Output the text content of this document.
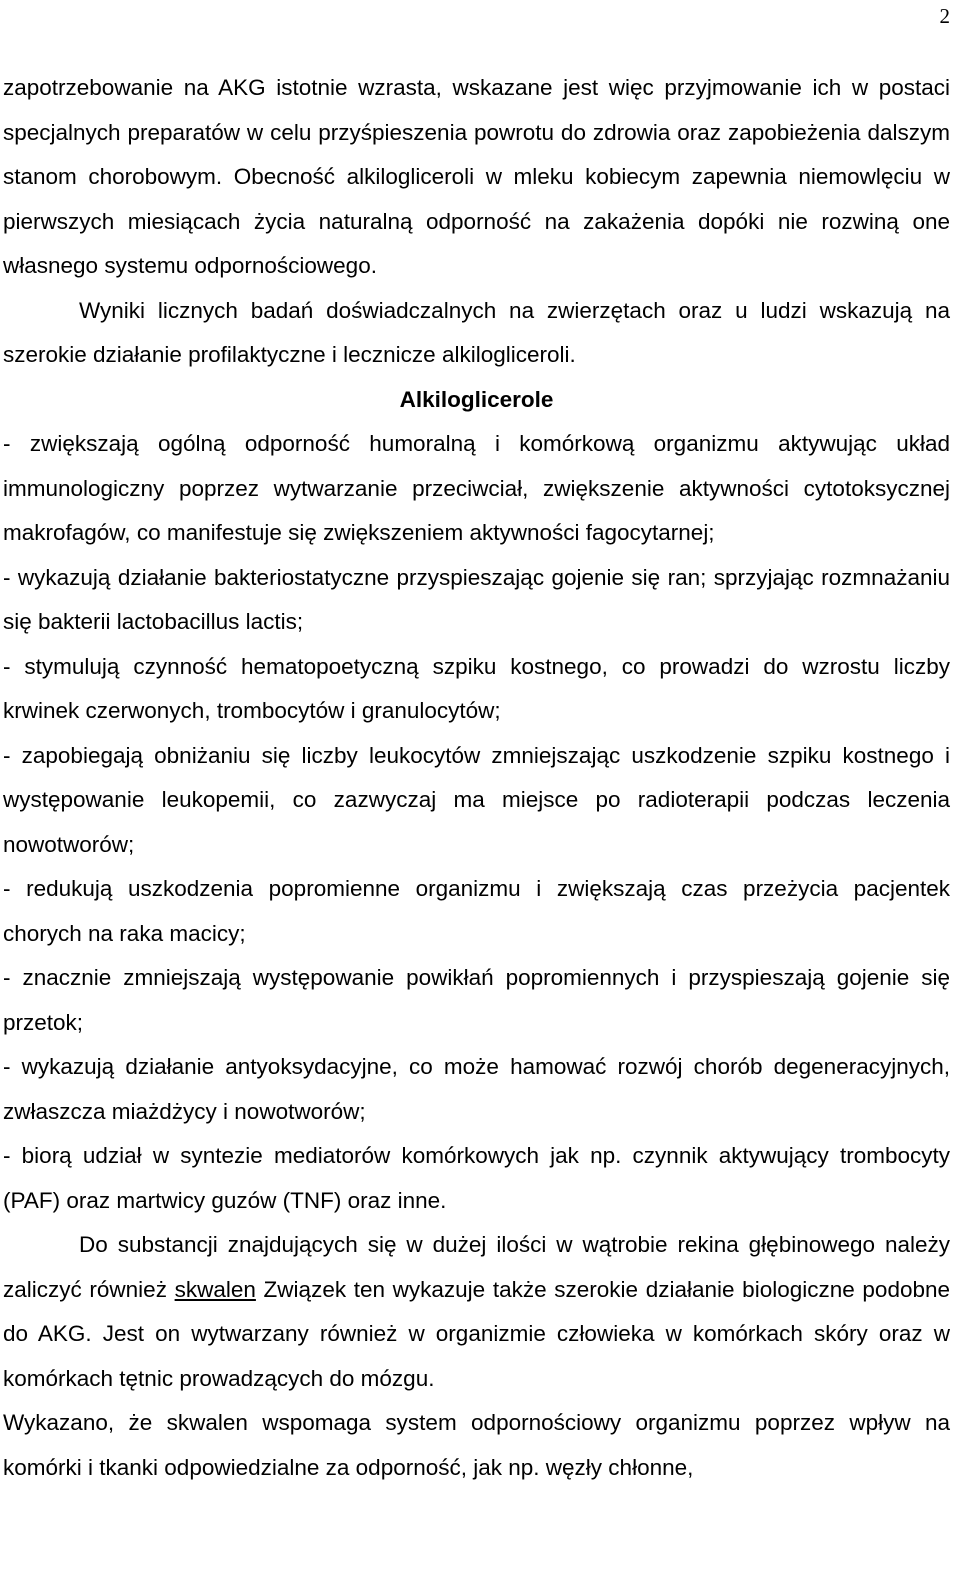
2

zapotrzebowanie na AKG istotnie wzrasta, wskazane jest więc przyjmowanie ich w postaci specjalnych preparatów w celu przyśpieszenia powrotu do zdrowia oraz zapobieżenia dalszym stanom chorobowym. Obecność alkilogliceroli w mleku kobiecym zapewnia niemowlęciu w pierwszych miesiącach życia naturalną odporność na zakażenia dopóki nie rozwiną one własnego systemu odpornościowego.

Wyniki licznych badań doświadczalnych na zwierzętach oraz u ludzi wskazują na szerokie działanie profilaktyczne i lecznicze alkilogliceroli.

Alkiloglicerole

- zwiększają ogólną odporność humoralną i komórkową organizmu aktywując układ immunologiczny poprzez wytwarzanie przeciwciał, zwiększenie aktywności cytotoksycznej makrofagów, co manifestuje się zwiększeniem aktywności fagocytarnej;

- wykazują działanie bakteriostatyczne przyspieszając gojenie się ran; sprzyjając rozmnażaniu się bakterii lactobacillus lactis;

- stymulują czynność hematopoetyczną szpiku kostnego, co prowadzi do wzrostu liczby krwinek czerwonych, trombocytów i granulocytów;

- zapobiegają obniżaniu się liczby leukocytów zmniejszając uszkodzenie szpiku kostnego i występowanie leukopemii, co zazwyczaj ma miejsce po radioterapii podczas leczenia nowotworów;

- redukują uszkodzenia popromienne organizmu i zwiększają czas przeżycia pacjentek chorych na raka macicy;

- znacznie zmniejszają występowanie powikłań popromiennych i przyspieszają gojenie się przetok;

- wykazują działanie antyoksydacyjne, co może hamować rozwój chorób degeneracyjnych, zwłaszcza miażdżycy i nowotworów;

- biorą udział w syntezie mediatorów komórkowych jak np. czynnik aktywujący trombocyty (PAF) oraz martwicy guzów (TNF) oraz inne.

Do substancji znajdujących się w dużej ilości w wątrobie rekina głębinowego należy zaliczyć również skwalen Związek ten wykazuje także szerokie działanie biologiczne podobne do AKG. Jest on wytwarzany również w organizmie człowieka w komórkach skóry oraz w komórkach tętnic prowadzących do mózgu.

Wykazano, że skwalen wspomaga system odpornościowy organizmu poprzez wpływ na komórki i tkanki odpowiedzialne za odporność, jak np. węzły chłonne,
